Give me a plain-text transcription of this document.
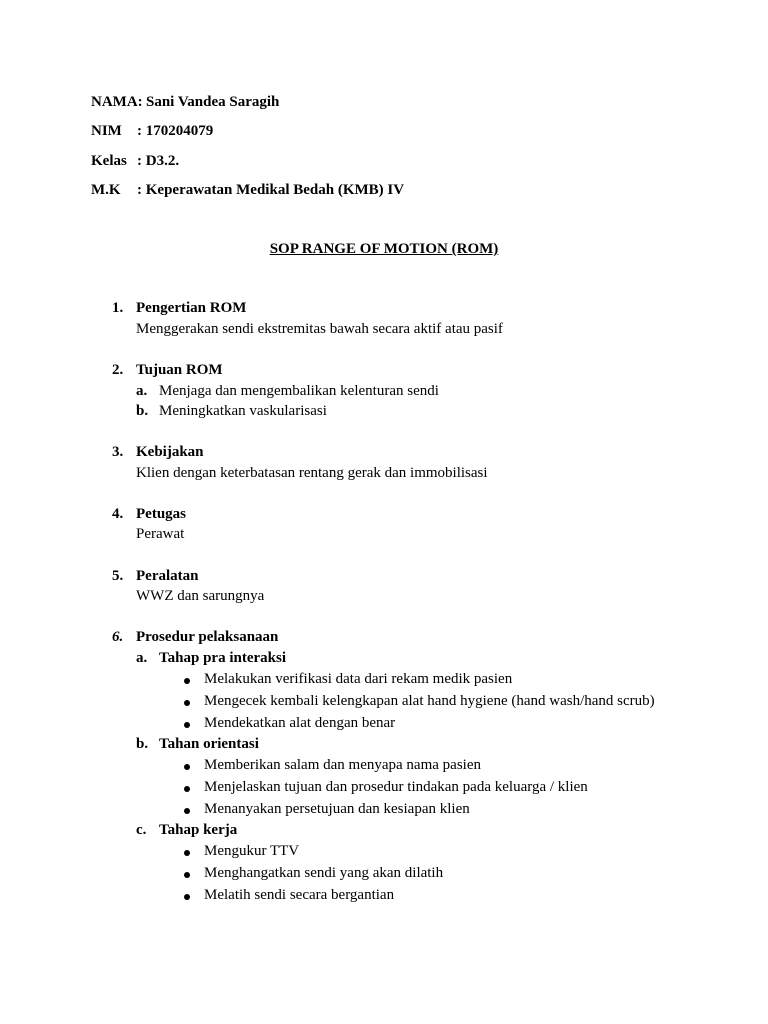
NAMA: Sani Vandea Saragih
NIM : 170204079
Kelas : D3.2.
M.K : Keperawatan Medikal Bedah (KMB) IV
SOP RANGE OF MOTION (ROM)
1. Pengertian ROM
Menggerakan sendi ekstremitas bawah secara aktif atau pasif
2. Tujuan ROM
a. Menjaga dan mengembalikan kelenturan sendi
b. Meningkatkan vaskularisasi
3. Kebijakan
Klien dengan keterbatasan rentang gerak dan immobilisasi
4. Petugas
Perawat
5. Peralatan
WWZ dan sarungnya
6. Prosedur pelaksanaan
a. Tahap pra interaksi
Melakukan verifikasi data dari rekam medik pasien
Mengecek kembali kelengkapan alat hand hygiene (hand wash/hand scrub)
Mendekatkan alat dengan benar
b. Tahan orientasi
Memberikan salam dan menyapa nama pasien
Menjelaskan tujuan dan prosedur tindakan pada keluarga / klien
Menanyakan persetujuan dan kesiapan klien
c. Tahap kerja
Mengukur TTV
Menghangatkan sendi yang akan dilatih
Melatih sendi secara bergantian
